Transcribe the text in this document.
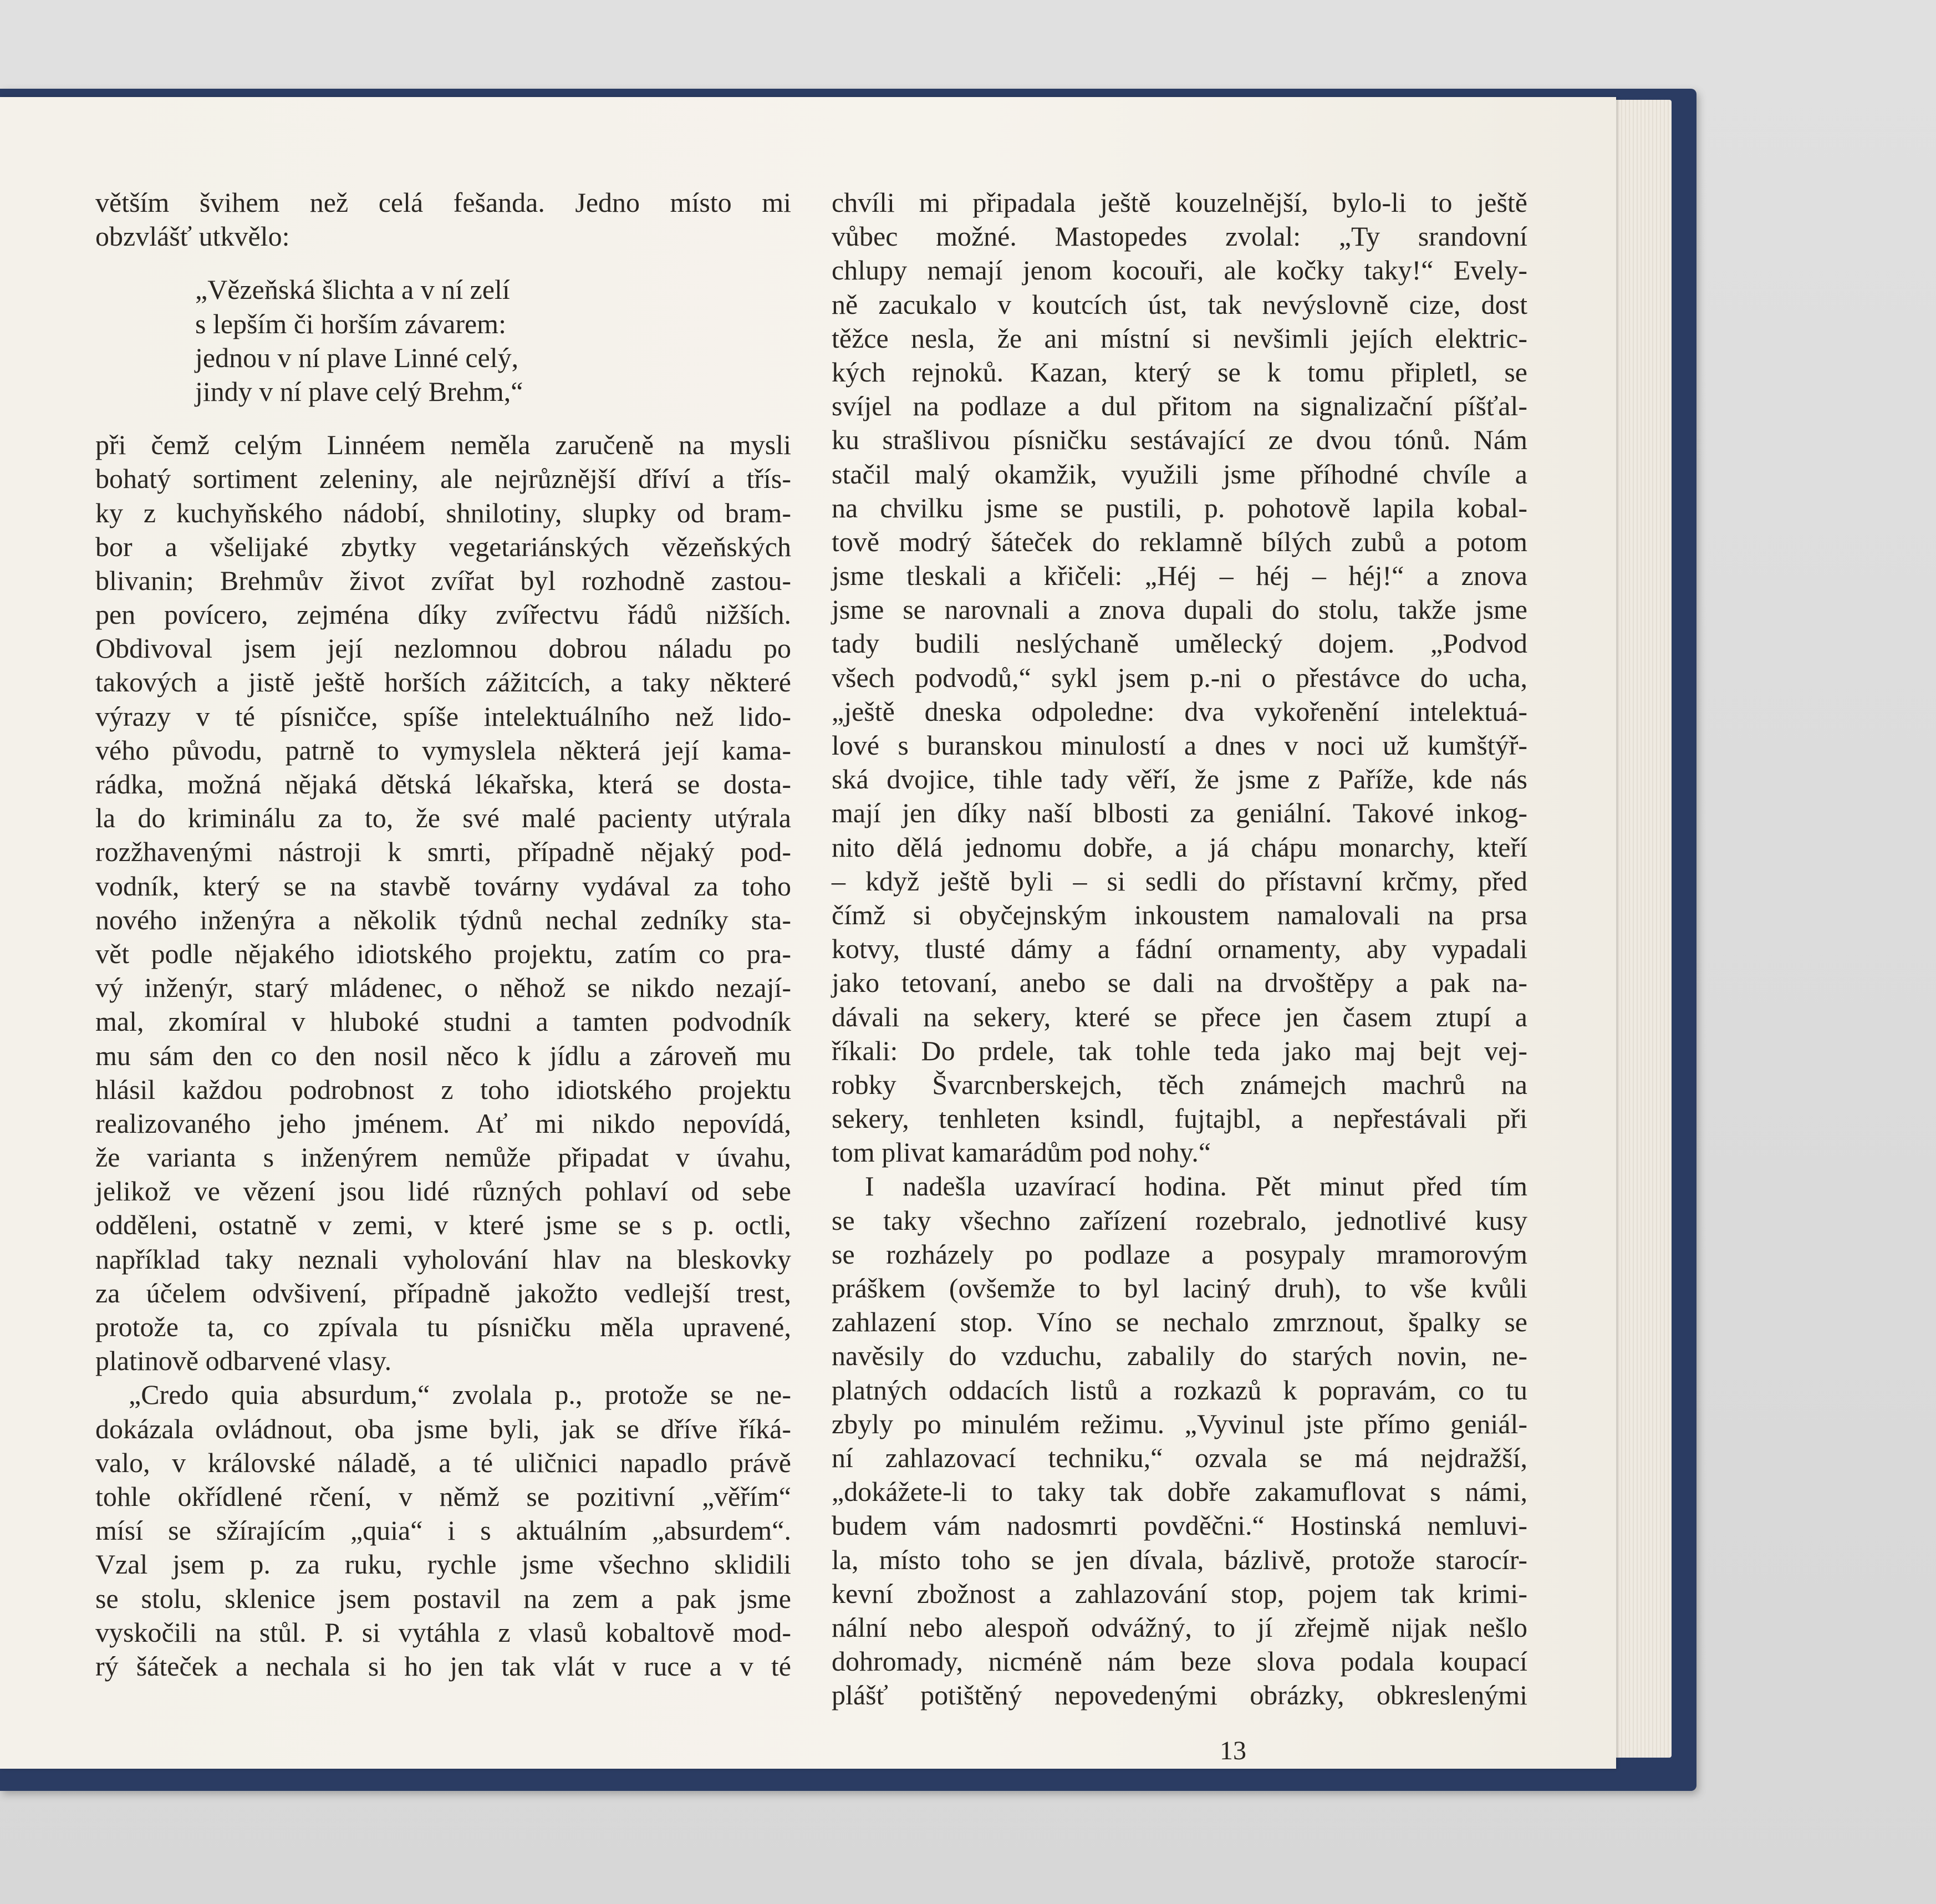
větším švihem než celá fešanda. Jedno místo mi
obzvlášť utkvělo:
„Vězeňská šlichta a v ní zelí
s lepším či horším závarem:
jednou v ní plave Linné celý,
jindy v ní plave celý Brehm,“
při čemž celým Linnéem neměla zaručeně na mysli
bohatý sortiment zeleniny, ale nejrůznější dříví a třís-
ky z kuchyňského nádobí, shnilotiny, slupky od bram-
bor a všelijaké zbytky vegetariánských vězeňských
blivanin; Brehmův život zvířat byl rozhodně zastou-
pen povícero, zejména díky zvířectvu řádů nižších.
Obdivoval jsem její nezlomnou dobrou náladu po
takových a jistě ještě horších zážitcích, a taky některé
výrazy v té písničce, spíše intelektuálního než lido-
vého původu, patrně to vymyslela některá její kama-
rádka, možná nějaká dětská lékařska, která se dosta-
la do kriminálu za to, že své malé pacienty utýrala
rozžhavenými nástroji k smrti, případně nějaký pod-
vodník, který se na stavbě továrny vydával za toho
nového inženýra a několik týdnů nechal zedníky sta-
vět podle nějakého idiotského projektu, zatím co pra-
vý inženýr, starý mládenec, o něhož se nikdo nezají-
mal, zkomíral v hluboké studni a tamten podvodník
mu sám den co den nosil něco k jídlu a zároveň mu
hlásil každou podrobnost z toho idiotského projektu
realizovaného jeho jménem. Ať mi nikdo nepovídá,
že varianta s inženýrem nemůže připadat v úvahu,
jelikož ve vězení jsou lidé různých pohlaví od sebe
odděleni, ostatně v zemi, v které jsme se s p. octli,
například taky neznali vyholování hlav na bleskovky
za účelem odvšivení, případně jakožto vedlejší trest,
protože ta, co zpívala tu písničku měla upravené,
platinově odbarvené vlasy.
„Credo quia absurdum,“ zvolala p., protože se ne-
dokázala ovládnout, oba jsme byli, jak se dříve říká-
valo, v královské náladě, a té uličnici napadlo právě
tohle okřídlené rčení, v němž se pozitivní „věřím“
mísí se sžírajícím „quia“ i s aktuálním „absurdem“.
Vzal jsem p. za ruku, rychle jsme všechno sklidili
se stolu, sklenice jsem postavil na zem a pak jsme
vyskočili na stůl. P. si vytáhla z vlasů kobaltově mod-
rý šáteček a nechala si ho jen tak vlát v ruce a v té
chvíli mi připadala ještě kouzelnější, bylo-li to ještě
vůbec možné. Mastopedes zvolal: „Ty srandovní
chlupy nemají jenom kocouři, ale kočky taky!“ Evely-
ně zacukalo v koutcích úst, tak nevýslovně cize, dost
těžce nesla, že ani místní si nevšimli jejích elektric-
kých rejnoků. Kazan, který se k tomu připletl, se
svíjel na podlaze a dul přitom na signalizační píšťal-
ku strašlivou písničku sestávající ze dvou tónů. Nám
stačil malý okamžik, využili jsme příhodné chvíle a
na chvilku jsme se pustili, p. pohotově lapila kobal-
tově modrý šáteček do reklamně bílých zubů a potom
jsme tleskali a křičeli: „Héj – héj – héj!“ a znova
jsme se narovnali a znova dupali do stolu, takže jsme
tady budili neslýchaně umělecký dojem. „Podvod
všech podvodů,“ sykl jsem p.-ni o přestávce do ucha,
„ještě dneska odpoledne: dva vykořenění intelektuá-
lové s buranskou minulostí a dnes v noci už kumštýř-
ská dvojice, tihle tady věří, že jsme z Paříže, kde nás
mají jen díky naší blbosti za geniální. Takové inkog-
nito dělá jednomu dobře, a já chápu monarchy, kteří
– když ještě byli – si sedli do přístavní krčmy, před
čímž si obyčejnským inkoustem namalovali na prsa
kotvy, tlusté dámy a fádní ornamenty, aby vypadali
jako tetovaní, anebo se dali na drvoštěpy a pak na-
dávali na sekery, které se přece jen časem ztupí a
říkali: Do prdele, tak tohle teda jako maj bejt vej-
robky Švarcnberskejch, těch známejch machrů na
sekery, tenhleten ksindl, fujtajbl, a nepřestávali při
tom plivat kamarádům pod nohy.“
I nadešla uzavírací hodina. Pět minut před tím
se taky všechno zařízení rozebralo, jednotlivé kusy
se rozházely po podlaze a posypaly mramorovým
práškem (ovšemže to byl laciný druh), to vše kvůli
zahlazení stop. Víno se nechalo zmrznout, špalky se
navěsily do vzduchu, zabalily do starých novin, ne-
platných oddacích listů a rozkazů k popravám, co tu
zbyly po minulém režimu. „Vyvinul jste přímo geniál-
ní zahlazovací techniku,“ ozvala se má nejdražší,
„dokážete-li to taky tak dobře zakamuflovat s námi,
budem vám nadosmrti povděčni.“ Hostinská nemluvi-
la, místo toho se jen dívala, bázlivě, protože starocír-
kevní zbožnost a zahlazování stop, pojem tak krimi-
nální nebo alespoň odvážný, to jí zřejmě nijak nešlo
dohromady, nicméně nám beze slova podala koupací
plášť potištěný nepovedenými obrázky, obkreslenými
13
